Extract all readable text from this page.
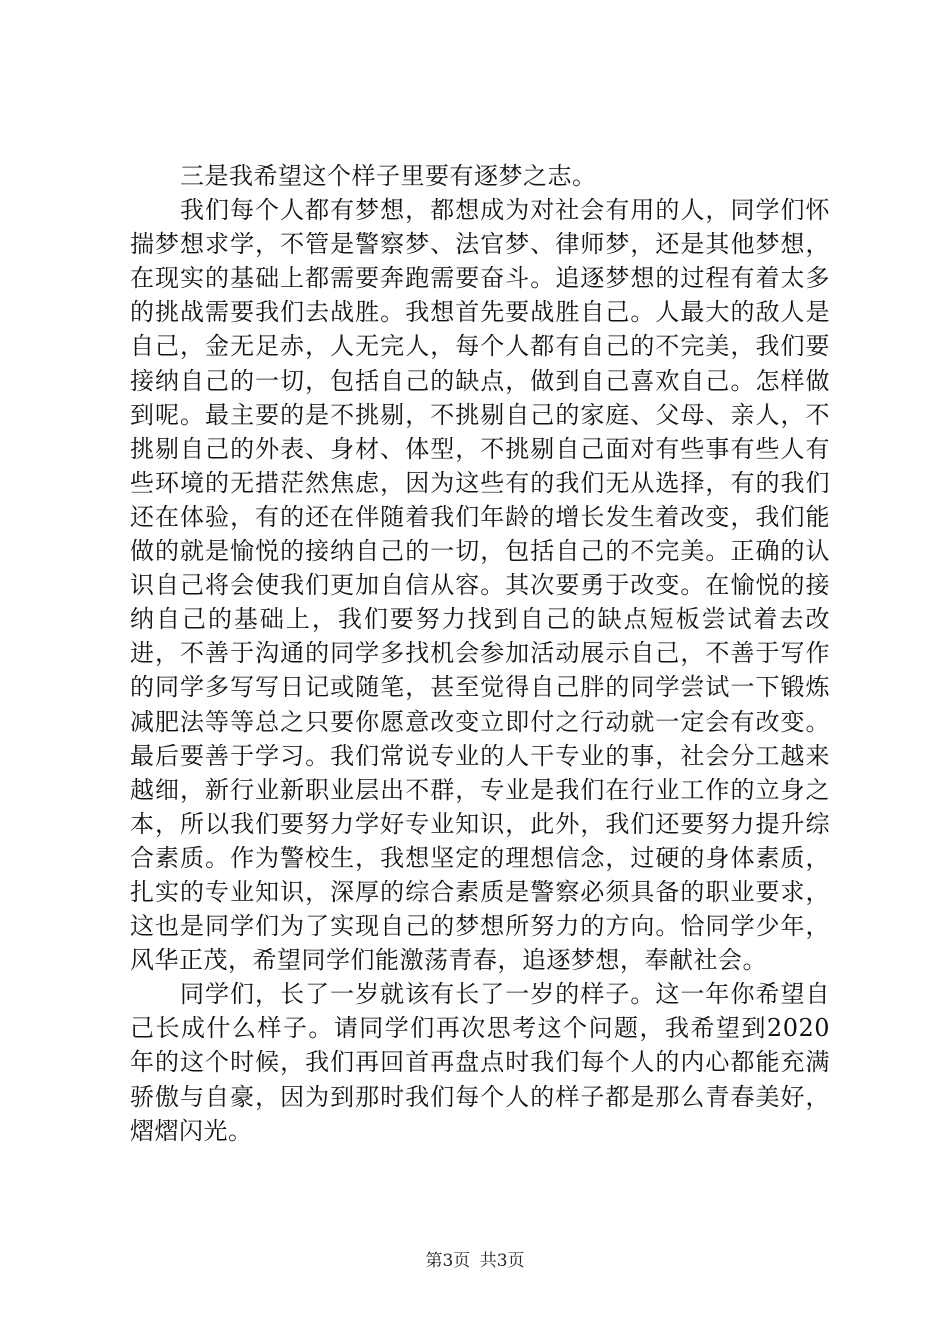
三是我希望这个样子里要有逐梦之志。

我们每个人都有梦想，都想成为对社会有用的人，同学们怀揣梦想求学，不管是警察梦、法官梦、律师梦，还是其他梦想，在现实的基础上都需要奔跑需要奋斗。追逐梦想的过程有着太多的挑战需要我们去战胜。我想首先要战胜自己。人最大的敌人是自己，金无足赤，人无完人，每个人都有自己的不完美，我们要接纳自己的一切，包括自己的缺点，做到自己喜欢自己。怎样做到呢。最主要的是不挑剔，不挑剔自己的家庭、父母、亲人，不挑剔自己的外表、身材、体型，不挑剔自己面对有些事有些人有些环境的无措茫然焦虑，因为这些有的我们无从选择，有的我们还在体验，有的还在伴随着我们年龄的增长发生着改变，我们能做的就是愉悦的接纳自己的一切，包括自己的不完美。正确的认识自己将会使我们更加自信从容。其次要勇于改变。在愉悦的接纳自己的基础上，我们要努力找到自己的缺点短板尝试着去改进，不善于沟通的同学多找机会参加活动展示自己，不善于写作的同学多写写日记或随笔，甚至觉得自己胖的同学尝试一下锻炼减肥法等等总之只要你愿意改变立即付之行动就一定会有改变。最后要善于学习。我们常说专业的人干专业的事，社会分工越来越细，新行业新职业层出不群，专业是我们在行业工作的立身之本，所以我们要努力学好专业知识，此外，我们还要努力提升综合素质。作为警校生，我想坚定的理想信念，过硬的身体素质，扎实的专业知识，深厚的综合素质是警察必须具备的职业要求，这也是同学们为了实现自己的梦想所努力的方向。恰同学少年，风华正茂，希望同学们能激荡青春，追逐梦想，奉献社会。

同学们，长了一岁就该有长了一岁的样子。这一年你希望自己长成什么样子。请同学们再次思考这个问题，我希望到2020年的这个时候，我们再回首再盘点时我们每个人的内心都能充满骄傲与自豪，因为到那时我们每个人的样子都是那么青春美好，熠熠闪光。

第3页 共3页
